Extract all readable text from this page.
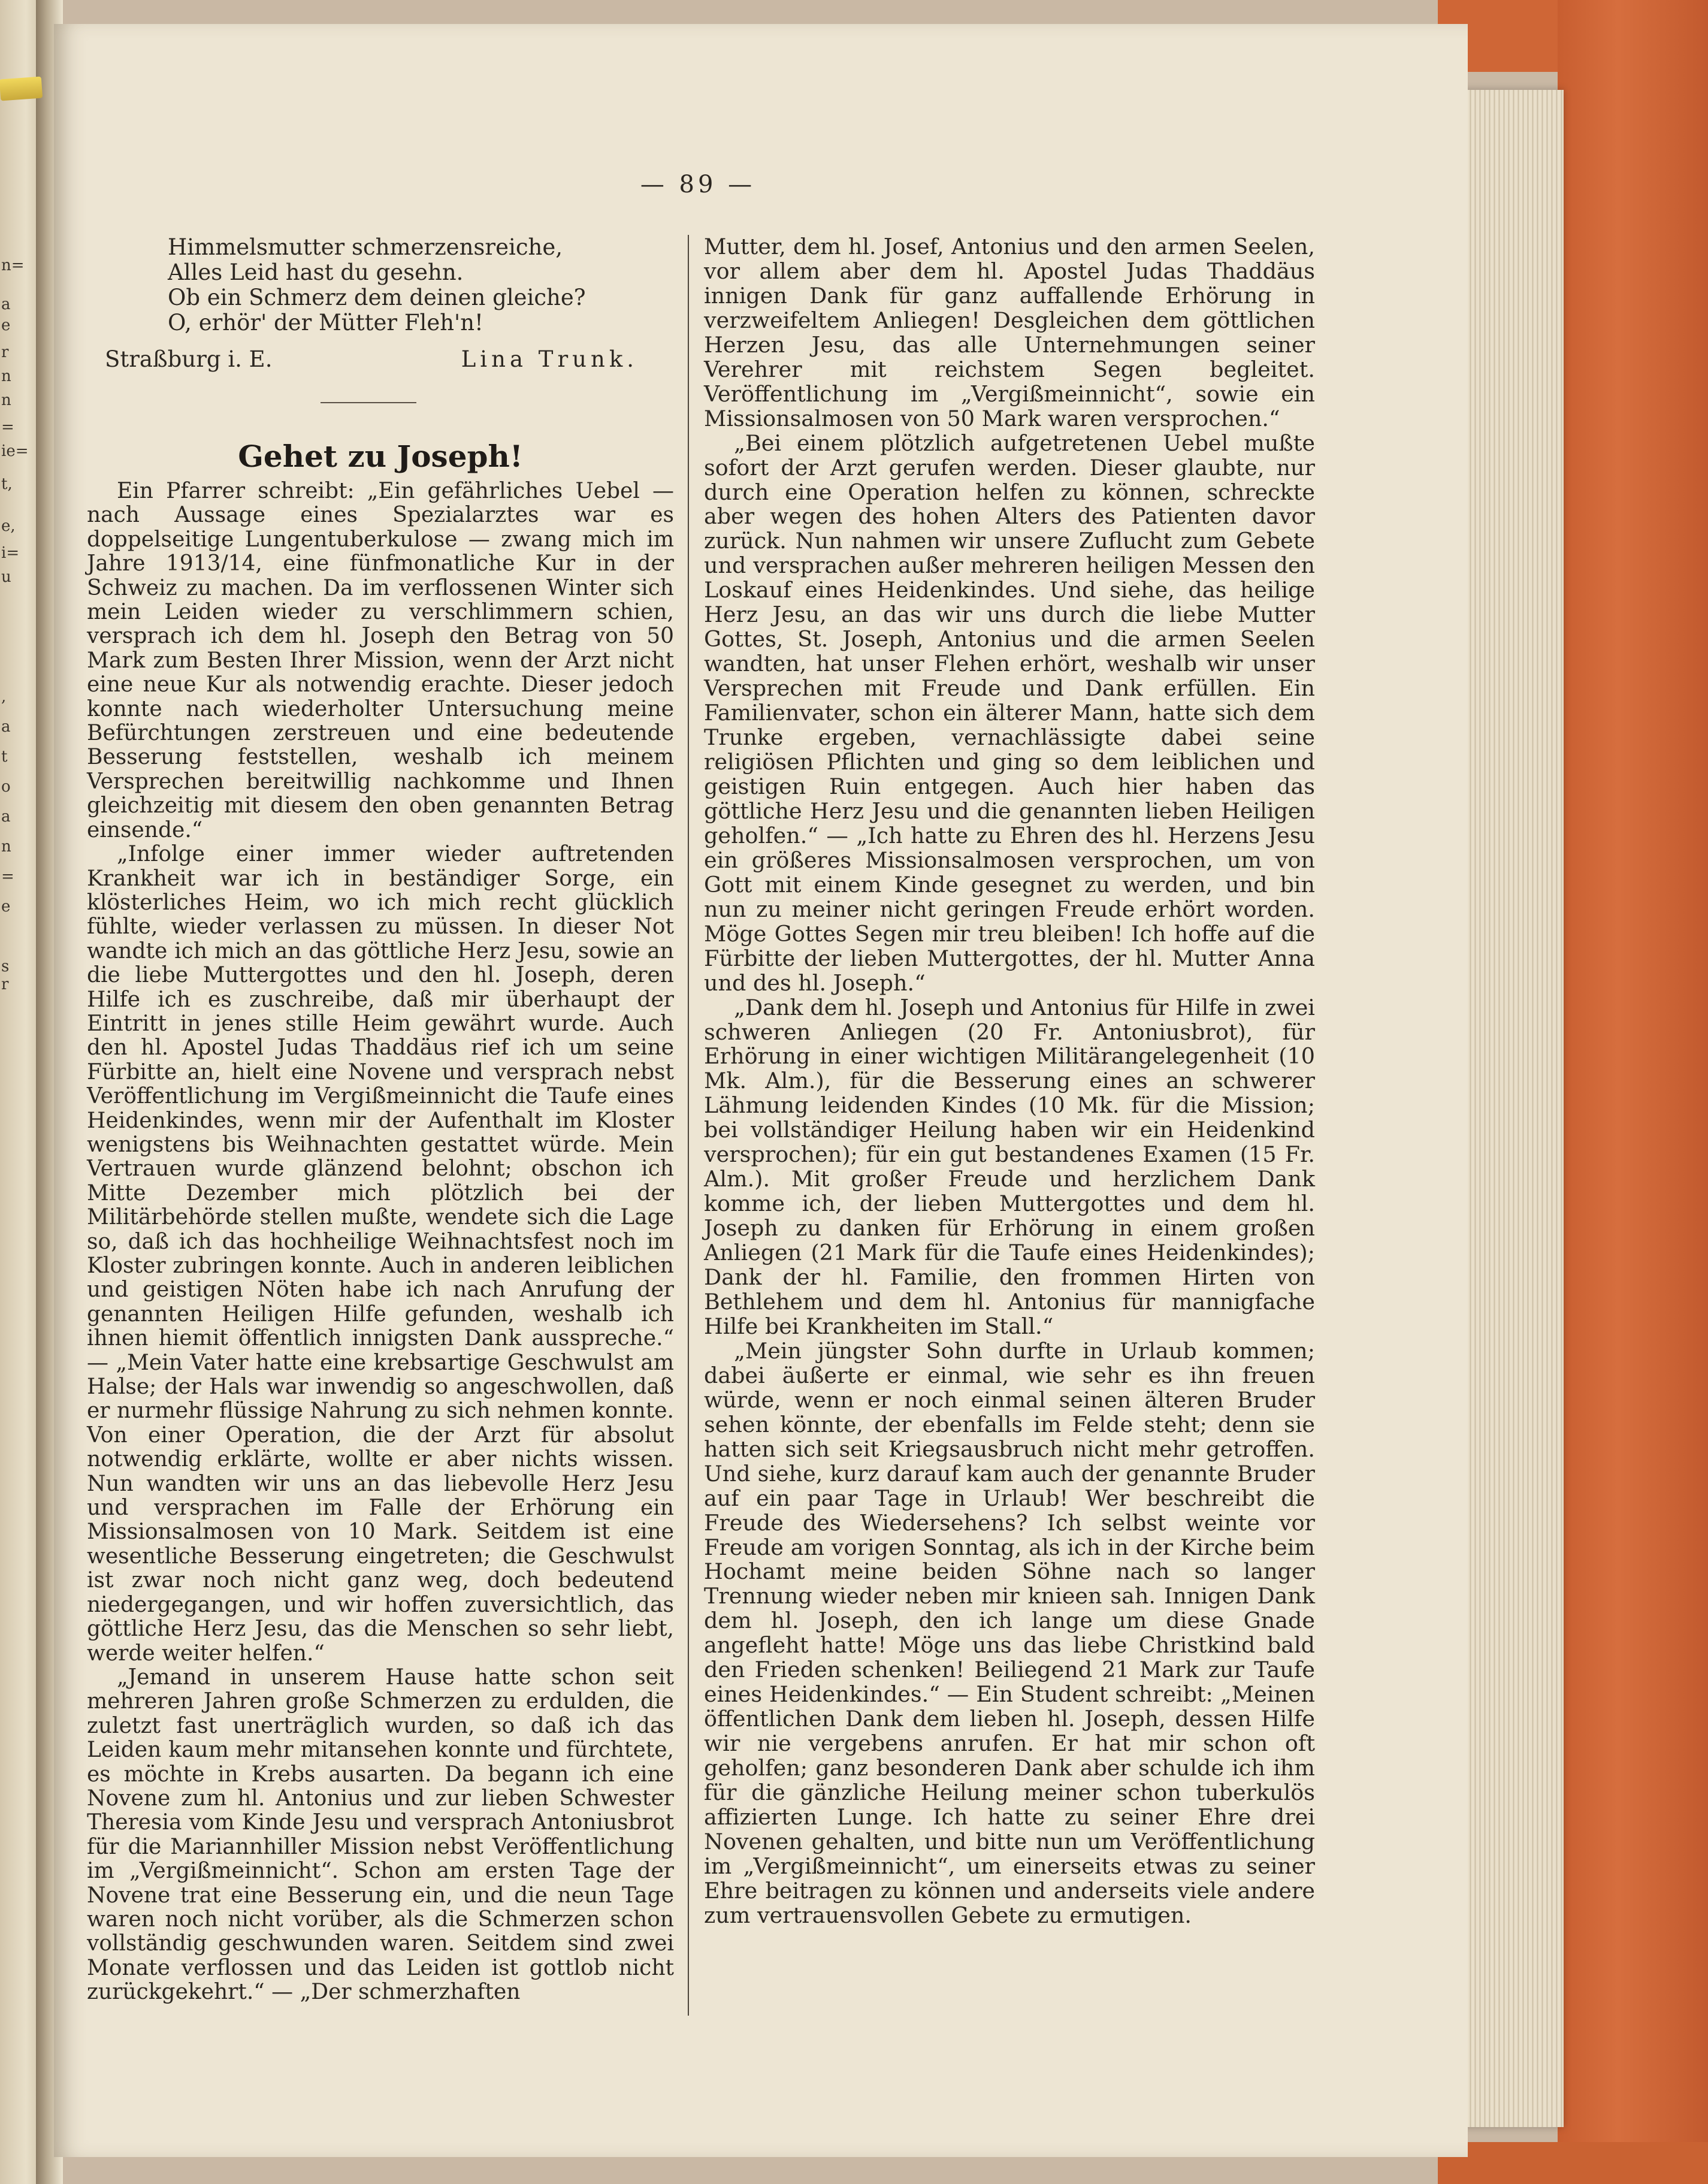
n=
a
e
r
n
n
=
ie=
t,
e,
i=
u
,
a
t
o
a
n
=
e
s
r
— 89 —

Himmelsmutter schmerzensreiche,

Alles Leid hast du gesehn.

Ob ein Schmerz dem deinen gleiche?

O, erhör' der Mütter Fleh'n!

Straßburg i. E.	Lina Trunk.
Gehet zu Joseph!

Ein Pfarrer schreibt: „Ein gefährliches Uebel — nach Aussage eines Spezialarztes war es doppelseitige Lungentuberkulose — zwang mich im Jahre 1913/14, eine fünfmonatliche Kur in der Schweiz zu machen. Da im verflossenen Winter sich mein Leiden wieder zu verschlimmern schien, versprach ich dem hl. Joseph den Betrag von 50 Mark zum Besten Ihrer Mission, wenn der Arzt nicht eine neue Kur als notwendig erachte. Dieser jedoch konnte nach wiederholter Untersuchung meine Befürchtungen zerstreuen und eine bedeutende Besserung feststellen, weshalb ich meinem Versprechen bereitwillig nachkomme und Ihnen gleichzeitig mit diesem den oben genannten Betrag einsende.“

„Infolge einer immer wieder auftretenden Krankheit war ich in beständiger Sorge, ein klösterliches Heim, wo ich mich recht glücklich fühlte, wieder verlassen zu müssen. In dieser Not wandte ich mich an das göttliche Herz Jesu, sowie an die liebe Muttergottes und den hl. Joseph, deren Hilfe ich es zuschreibe, daß mir überhaupt der Eintritt in jenes stille Heim gewährt wurde. Auch den hl. Apostel Judas Thaddäus rief ich um seine Fürbitte an, hielt eine Novene und versprach nebst Veröffentlichung im Vergißmeinnicht die Taufe eines Heidenkindes, wenn mir der Aufenthalt im Kloster wenigstens bis Weihnachten gestattet würde. Mein Vertrauen wurde glänzend belohnt; obschon ich Mitte Dezember mich plötzlich bei der Militärbehörde stellen mußte, wendete sich die Lage so, daß ich das hochheilige Weihnachtsfest noch im Kloster zubringen konnte. Auch in anderen leiblichen und geistigen Nöten habe ich nach Anrufung der genannten Heiligen Hilfe gefunden, weshalb ich ihnen hiemit öffentlich innigsten Dank ausspreche.“ — „Mein Vater hatte eine krebsartige Geschwulst am Halse; der Hals war inwendig so angeschwollen, daß er nurmehr flüssige Nahrung zu sich nehmen konnte. Von einer Operation, die der Arzt für absolut notwendig erklärte, wollte er aber nichts wissen. Nun wandten wir uns an das liebevolle Herz Jesu und versprachen im Falle der Erhörung ein Missionsalmosen von 10 Mark. Seitdem ist eine wesentliche Besserung eingetreten; die Geschwulst ist zwar noch nicht ganz weg, doch bedeutend niedergegangen, und wir hoffen zuversichtlich, das göttliche Herz Jesu, das die Menschen so sehr liebt, werde weiter helfen.“

„Jemand in unserem Hause hatte schon seit mehreren Jahren große Schmerzen zu erdulden, die zuletzt fast unerträglich wurden, so daß ich das Leiden kaum mehr mitansehen konnte und fürchtete, es möchte in Krebs ausarten. Da begann ich eine Novene zum hl. Antonius und zur lieben Schwester Theresia vom Kinde Jesu und versprach Antoniusbrot für die Mariannhiller Mission nebst Veröffentlichung im „Vergißmeinnicht“. Schon am ersten Tage der Novene trat eine Besserung ein, und die neun Tage waren noch nicht vorüber, als die Schmerzen schon vollständig geschwunden waren. Seitdem sind zwei Monate verflossen und das Leiden ist gottlob nicht zurückgekehrt.“ — „Der schmerzhaften

Mutter, dem hl. Josef, Antonius und den armen Seelen, vor allem aber dem hl. Apostel Judas Thaddäus innigen Dank für ganz auffallende Erhörung in verzweifeltem Anliegen! Desgleichen dem göttlichen Herzen Jesu, das alle Unternehmungen seiner Verehrer mit reichstem Segen begleitet. Veröffentlichung im „Vergißmeinnicht“, sowie ein Missionsalmosen von 50 Mark waren versprochen.“

„Bei einem plötzlich aufgetretenen Uebel mußte sofort der Arzt gerufen werden. Dieser glaubte, nur durch eine Operation helfen zu können, schreckte aber wegen des hohen Alters des Patienten davor zurück. Nun nahmen wir unsere Zuflucht zum Gebete und versprachen außer mehreren heiligen Messen den Loskauf eines Heidenkindes. Und siehe, das heilige Herz Jesu, an das wir uns durch die liebe Mutter Gottes, St. Joseph, Antonius und die armen Seelen wandten, hat unser Flehen erhört, weshalb wir unser Versprechen mit Freude und Dank erfüllen. Ein Familienvater, schon ein älterer Mann, hatte sich dem Trunke ergeben, vernachlässigte dabei seine religiösen Pflichten und ging so dem leiblichen und geistigen Ruin entgegen. Auch hier haben das göttliche Herz Jesu und die genannten lieben Heiligen geholfen.“ — „Ich hatte zu Ehren des hl. Herzens Jesu ein größeres Missionsalmosen versprochen, um von Gott mit einem Kinde gesegnet zu werden, und bin nun zu meiner nicht geringen Freude erhört worden. Möge Gottes Segen mir treu bleiben! Ich hoffe auf die Fürbitte der lieben Muttergottes, der hl. Mutter Anna und des hl. Joseph.“

„Dank dem hl. Joseph und Antonius für Hilfe in zwei schweren Anliegen (20 Fr. Antoniusbrot), für Erhörung in einer wichtigen Militärangelegenheit (10 Mk. Alm.), für die Besserung eines an schwerer Lähmung leidenden Kindes (10 Mk. für die Mission; bei vollständiger Heilung haben wir ein Heidenkind versprochen); für ein gut bestandenes Examen (15 Fr. Alm.). Mit großer Freude und herzlichem Dank komme ich, der lieben Muttergottes und dem hl. Joseph zu danken für Erhörung in einem großen Anliegen (21 Mark für die Taufe eines Heidenkindes); Dank der hl. Familie, den frommen Hirten von Bethlehem und dem hl. Antonius für mannigfache Hilfe bei Krankheiten im Stall.“

„Mein jüngster Sohn durfte in Urlaub kommen; dabei äußerte er einmal, wie sehr es ihn freuen würde, wenn er noch einmal seinen älteren Bruder sehen könnte, der ebenfalls im Felde steht; denn sie hatten sich seit Kriegsausbruch nicht mehr getroffen. Und siehe, kurz darauf kam auch der genannte Bruder auf ein paar Tage in Urlaub! Wer beschreibt die Freude des Wiedersehens? Ich selbst weinte vor Freude am vorigen Sonntag, als ich in der Kirche beim Hochamt meine beiden Söhne nach so langer Trennung wieder neben mir knieen sah. Innigen Dank dem hl. Joseph, den ich lange um diese Gnade angefleht hatte! Möge uns das liebe Christkind bald den Frieden schenken! Beiliegend 21 Mark zur Taufe eines Heidenkindes.“ — Ein Student schreibt: „Meinen öffentlichen Dank dem lieben hl. Joseph, dessen Hilfe wir nie vergebens anrufen. Er hat mir schon oft geholfen; ganz besonderen Dank aber schulde ich ihm für die gänzliche Heilung meiner schon tuberkulös affizierten Lunge. Ich hatte zu seiner Ehre drei Novenen gehalten, und bitte nun um Veröffentlichung im „Vergißmeinnicht“, um einerseits etwas zu seiner Ehre beitragen zu können und anderseits viele andere zum vertrauensvollen Gebete zu ermutigen.
